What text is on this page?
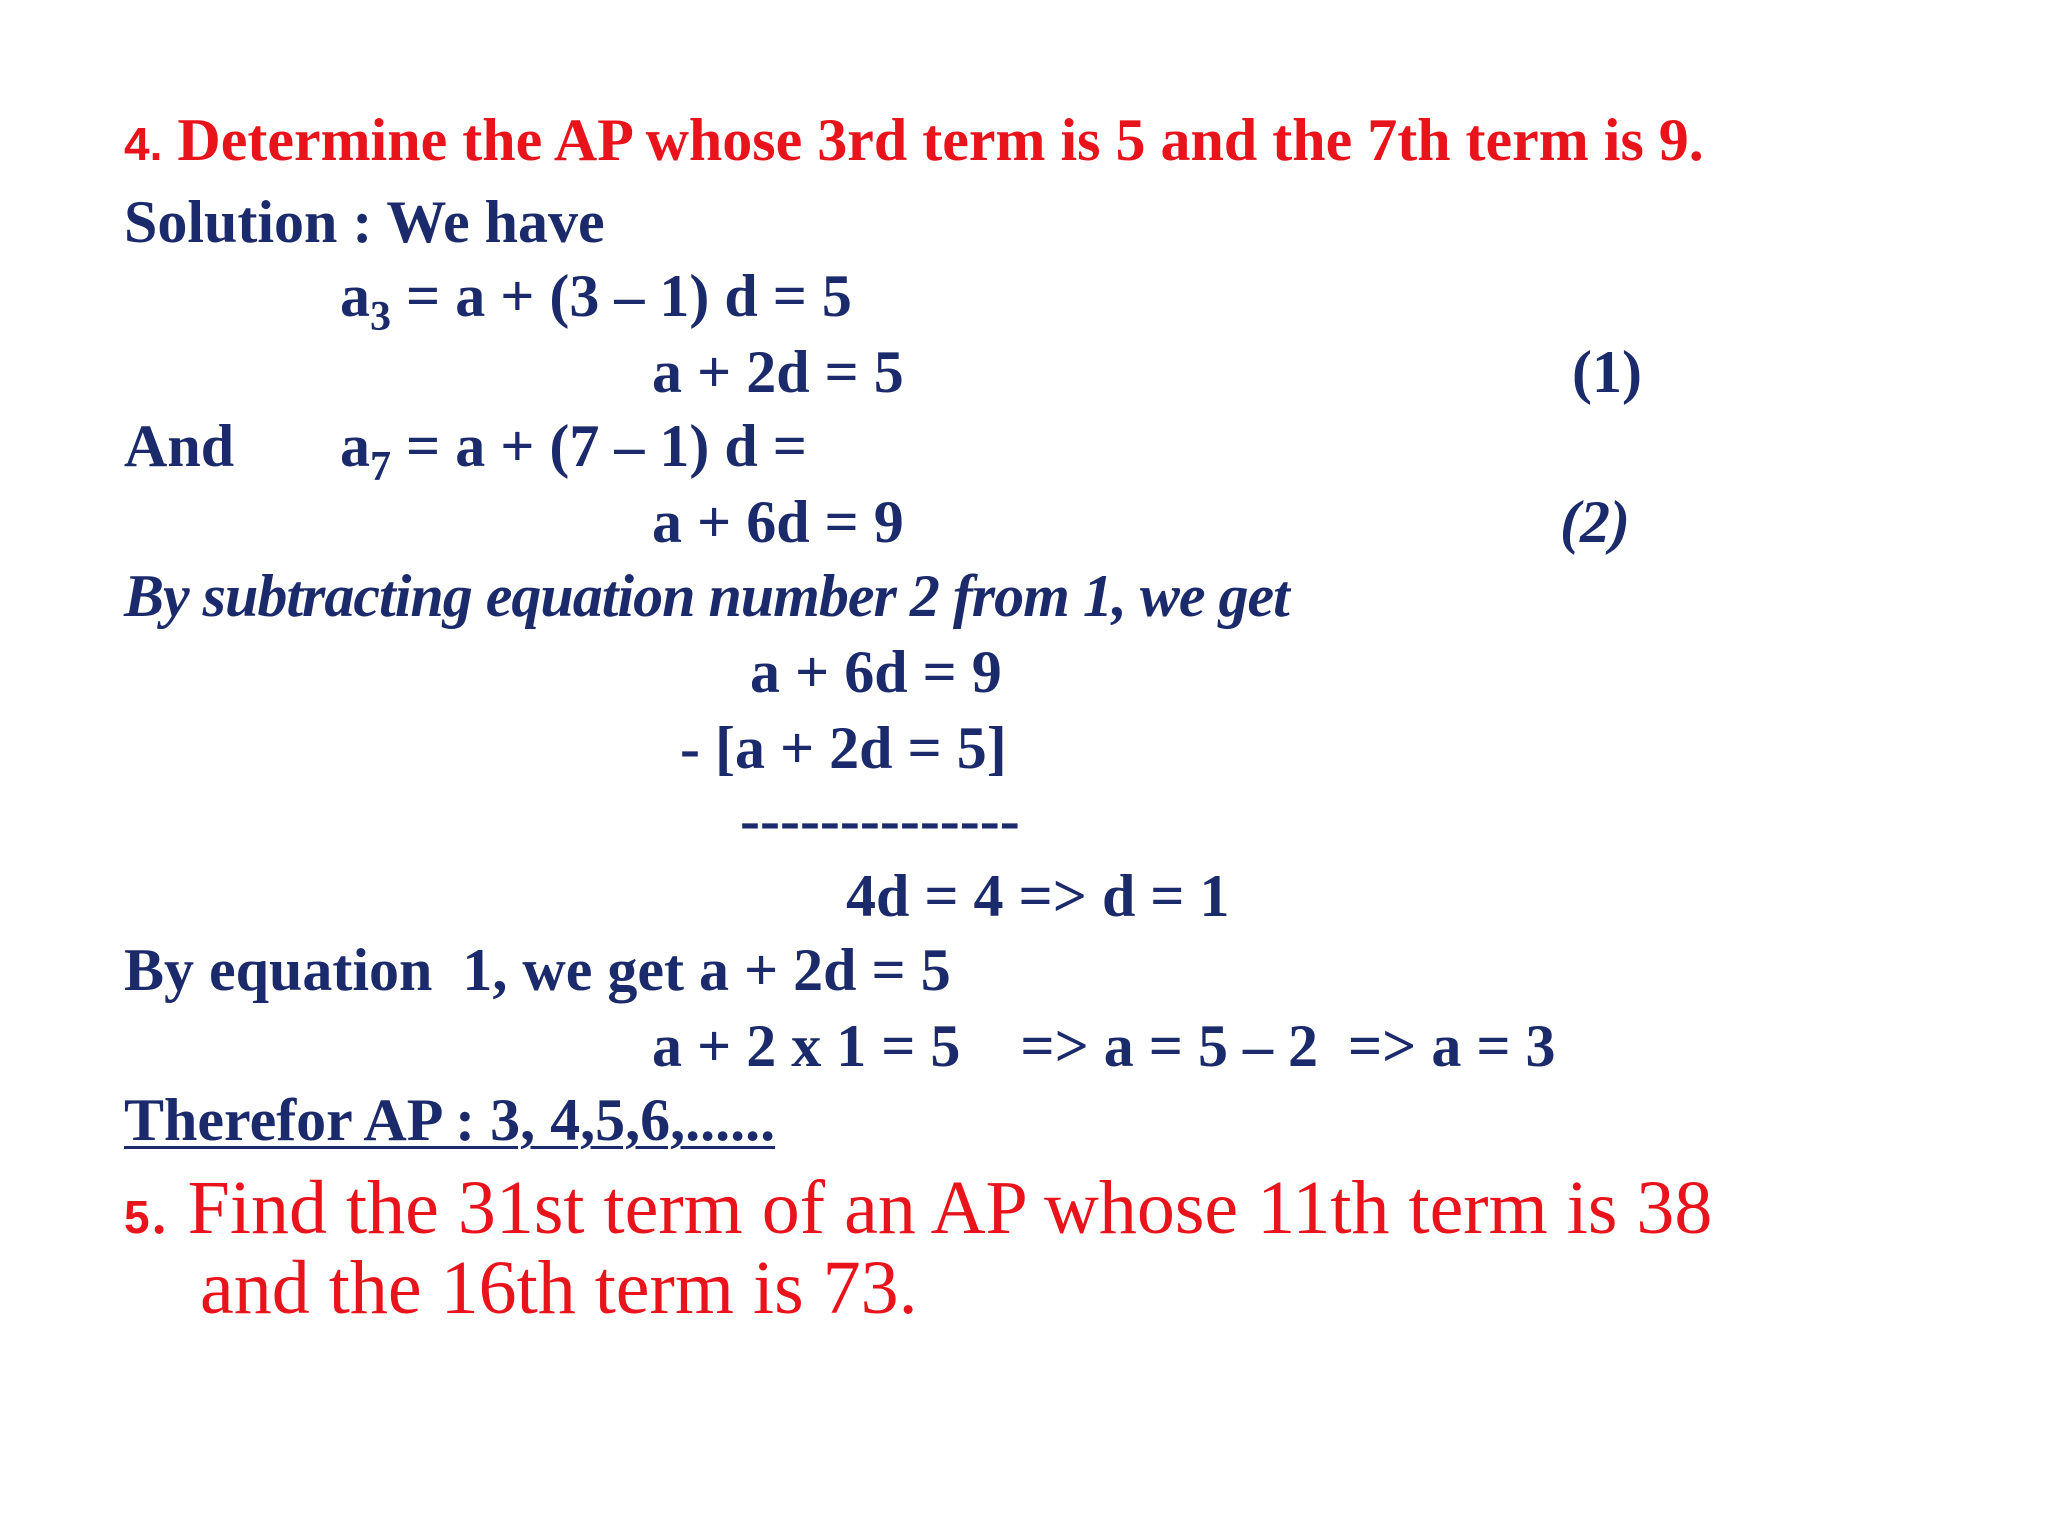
4. Determine the AP whose 3rd term is 5 and the 7th term is 9.
Solution : We have
$a_3 = a + (3 - 1) d = 5$
a + 2d = 5	(1)
And $a_7 = a + (7 - 1) d$ =
a + 6d = 9	(2)
By subtracting equation number 2 from 1, we get
a + 6d = 9
- [a + 2d = 5]
--------------
4d = 4 => d = 1
By equation  1, we get a + 2d = 5
a + 2 x 1 = 5    => a = 5 – 2  => a = 3
Therefor AP : 3, 4,5,6,......
5. Find the 31st term of an AP whose 11th term is 38
and the 16th term is 73.
